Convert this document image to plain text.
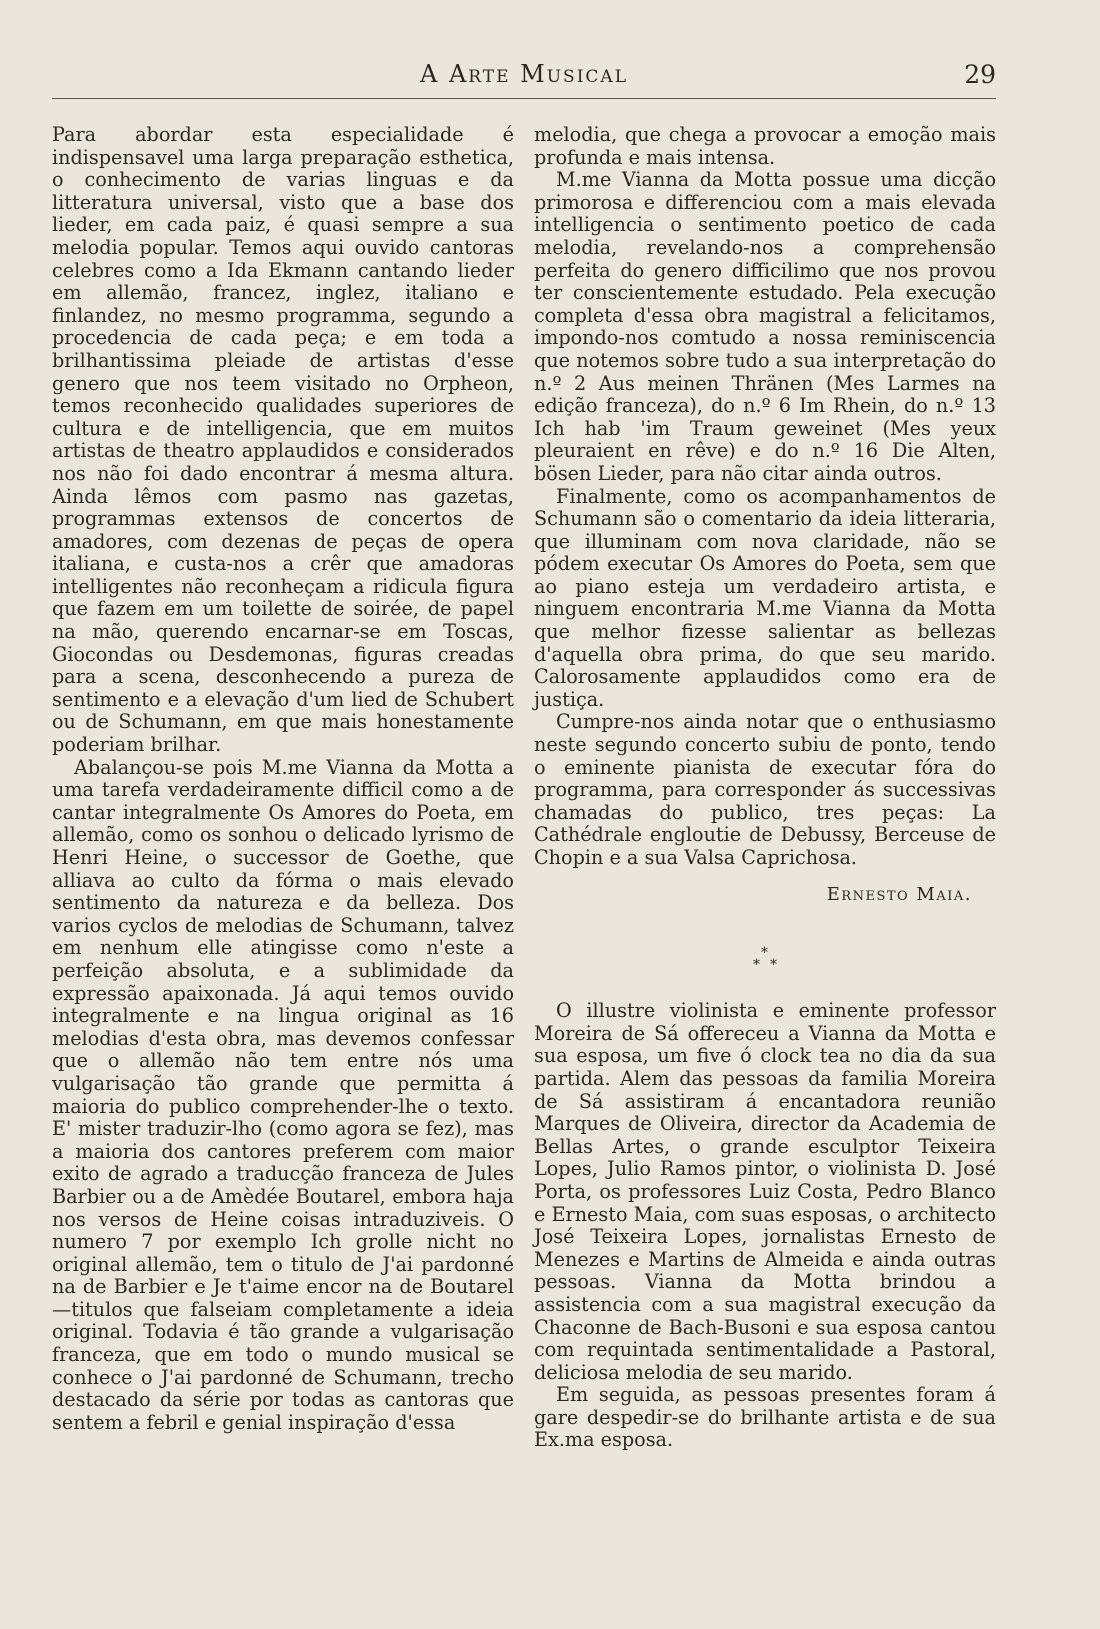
A Arte Musical	29

Para abordar esta especialidade é indispensavel uma larga preparação esthetica, o conhecimento de varias linguas e da litteratura universal, visto que a base dos lieder, em cada paiz, é quasi sempre a sua melodia popular. Temos aqui ouvido cantoras celebres como a Ida Ekmann cantando lieder em allemão, francez, inglez, italiano e finlandez, no mesmo programma, segundo a procedencia de cada peça; e em toda a brilhantissima pleiade de artistas d'esse genero que nos teem visitado no Orpheon, temos reconhecido qualidades superiores de cultura e de intelligencia, que em muitos artistas de theatro applaudidos e considerados nos não foi dado encontrar á mesma altura. Ainda lêmos com pasmo nas gazetas, programmas extensos de concertos de amadores, com dezenas de peças de opera italiana, e custa-nos a crêr que amadoras intelligentes não reconheçam a ridicula figura que fazem em um toilette de soirée, de papel na mão, querendo encarnar-se em Toscas, Giocondas ou Desdemonas, figuras creadas para a scena, desconhecendo a pureza de sentimento e a elevação d'um lied de Schubert ou de Schumann, em que mais honestamente poderiam brilhar.

Abalançou-se pois M.me Vianna da Motta a uma tarefa verdadeiramente difficil como a de cantar integralmente Os Amores do Poeta, em allemão, como os sonhou o delicado lyrismo de Henri Heine, o successor de Goethe, que alliava ao culto da fórma o mais elevado sentimento da natureza e da belleza. Dos varios cyclos de melodias de Schumann, talvez em nenhum elle atingisse como n'este a perfeição absoluta, e a sublimidade da expressão apaixonada. Já aqui temos ouvido integralmente e na lingua original as 16 melodias d'esta obra, mas devemos confessar que o allemão não tem entre nós uma vulgarisação tão grande que permitta á maioria do publico comprehender-lhe o texto. E' mister traduzir-lho (como agora se fez), mas a maioria dos cantores preferem com maior exito de agrado a traducção franceza de Jules Barbier ou a de Amèdée Boutarel, embora haja nos versos de Heine coisas intraduziveis. O numero 7 por exemplo Ich grolle nicht no original allemão, tem o titulo de J'ai pardonné na de Barbier e Je t'aime encor na de Boutarel—titulos que falseiam completamente a ideia original. Todavia é tão grande a vulgarisação franceza, que em todo o mundo musical se conhece o J'ai pardonné de Schumann, trecho destacado da série por todas as cantoras que sentem a febril e genial inspiração d'essa

melodia, que chega a provocar a emoção mais profunda e mais intensa.

M.me Vianna da Motta possue uma dicção primorosa e differenciou com a mais elevada intelligencia o sentimento poetico de cada melodia, revelando-nos a comprehensão perfeita do genero difficilimo que nos provou ter conscientemente estudado. Pela execução completa d'essa obra magistral a felicitamos, impondo-nos comtudo a nossa reminiscencia que notemos sobre tudo a sua interpretação do n.º 2 Aus meinen Thränen (Mes Larmes na edição franceza), do n.º 6 Im Rhein, do n.º 13 Ich hab 'im Traum geweinet (Mes yeux pleuraient en rêve) e do n.º 16 Die Alten, bösen Lieder, para não citar ainda outros.

Finalmente, como os acompanhamentos de Schumann são o comentario da ideia litteraria, que illuminam com nova claridade, não se pódem executar Os Amores do Poeta, sem que ao piano esteja um verdadeiro artista, e ninguem encontraria M.me Vianna da Motta que melhor fizesse salientar as bellezas d'aquella obra prima, do que seu marido. Calorosamente applaudidos como era de justiça.

Cumpre-nos ainda notar que o enthusiasmo neste segundo concerto subiu de ponto, tendo o eminente pianista de executar fóra do programma, para corresponder ás successivas chamadas do publico, tres peças: La Cathédrale engloutie de Debussy, Berceuse de Chopin e a sua Valsa Caprichosa.

Ernesto Maia.
*
* *

O illustre violinista e eminente professor Moreira de Sá offereceu a Vianna da Motta e sua esposa, um five ó clock tea no dia da sua partida. Alem das pessoas da familia Moreira de Sá assistiram á encantadora reunião Marques de Oliveira, director da Academia de Bellas Artes, o grande esculptor Teixeira Lopes, Julio Ramos pintor, o violinista D. José Porta, os professores Luiz Costa, Pedro Blanco e Ernesto Maia, com suas esposas, o architecto José Teixeira Lopes, jornalistas Ernesto de Menezes e Martins de Almeida e ainda outras pessoas. Vianna da Motta brindou a assistencia com a sua magistral execução da Chaconne de Bach-Busoni e sua esposa cantou com requintada sentimentalidade a Pastoral, deliciosa melodia de seu marido.

Em seguida, as pessoas presentes foram á gare despedir-se do brilhante artista e de sua Ex.ma esposa.
